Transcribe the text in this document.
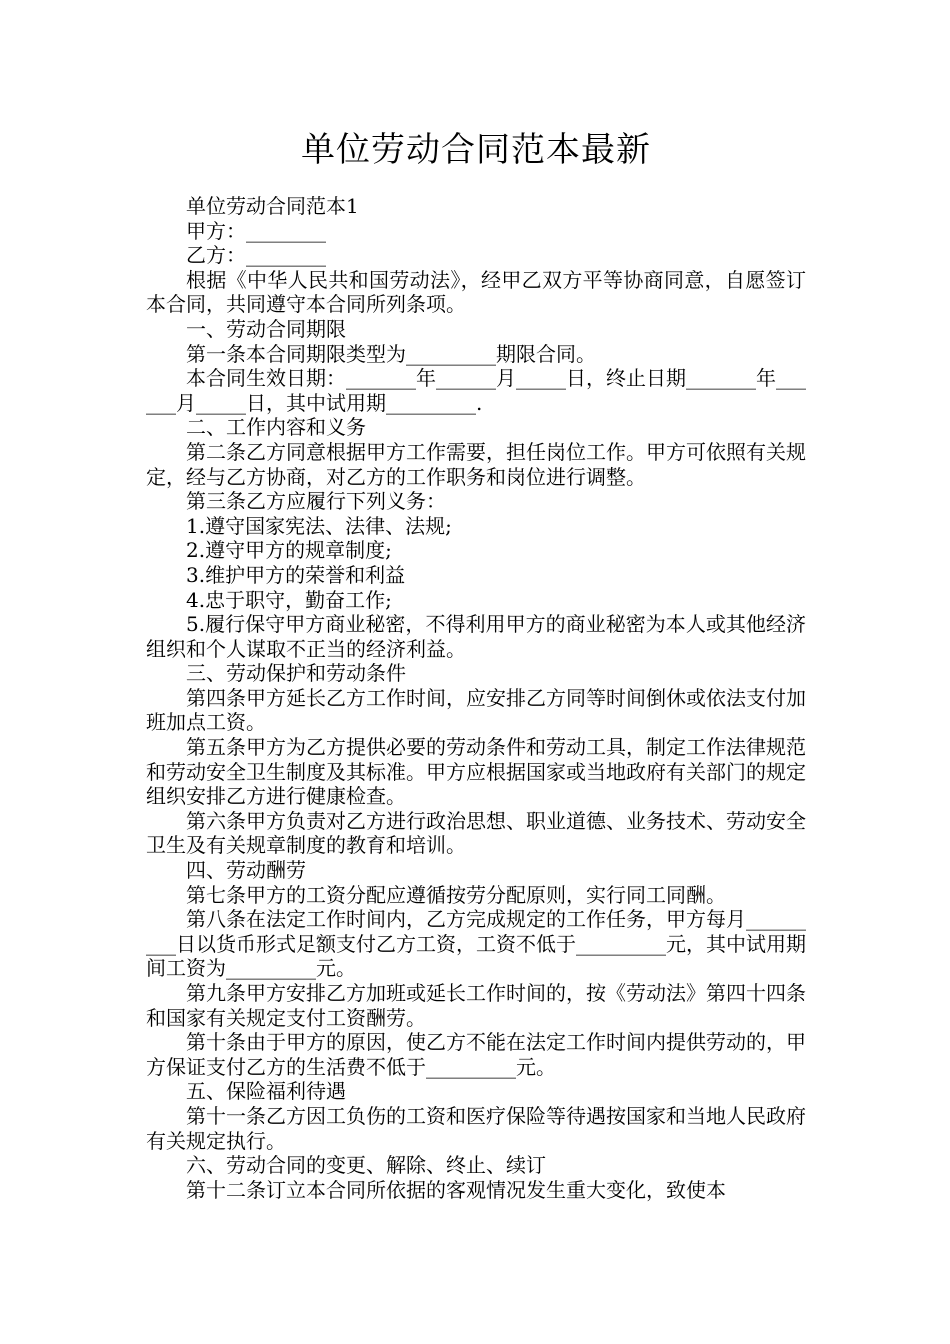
单位劳动合同范本最新

单位劳动合同范本1

甲方：________

乙方：________

根据《中华人民共和国劳动法》，经甲乙双方平等协商同意，自愿签订本合同，共同遵守本合同所列条项。

一、劳动合同期限

第一条本合同期限类型为_________期限合同。

本合同生效日期：_______年______月_____日，终止日期_______年______月_____日，其中试用期_________.

二、工作内容和义务

第二条乙方同意根据甲方工作需要，担任岗位工作。甲方可依照有关规定，经与乙方协商，对乙方的工作职务和岗位进行调整。

第三条乙方应履行下列义务：

1.遵守国家宪法、法律、法规;

2.遵守甲方的规章制度;

3.维护甲方的荣誉和利益

4.忠于职守，勤奋工作;

5.履行保守甲方商业秘密，不得利用甲方的商业秘密为本人或其他经济组织和个人谋取不正当的经济利益。

三、劳动保护和劳动条件

第四条甲方延长乙方工作时间，应安排乙方同等时间倒休或依法支付加班加点工资。

第五条甲方为乙方提供必要的劳动条件和劳动工具，制定工作法律规范和劳动安全卫生制度及其标准。甲方应根据国家或当地政府有关部门的规定组织安排乙方进行健康检查。

第六条甲方负责对乙方进行政治思想、职业道德、业务技术、劳动安全卫生及有关规章制度的教育和培训。

四、劳动酬劳

第七条甲方的工资分配应遵循按劳分配原则，实行同工同酬。

第八条在法定工作时间内，乙方完成规定的工作任务，甲方每月_________日以货币形式足额支付乙方工资，工资不低于_________元，其中试用期间工资为_________元。

第九条甲方安排乙方加班或延长工作时间的，按《劳动法》第四十四条和国家有关规定支付工资酬劳。

第十条由于甲方的原因，使乙方不能在法定工作时间内提供劳动的，甲方保证支付乙方的生活费不低于_________元。

五、保险福利待遇

第十一条乙方因工负伤的工资和医疗保险等待遇按国家和当地人民政府有关规定执行。

六、劳动合同的变更、解除、终止、续订

第十二条订立本合同所依据的客观情况发生重大变化，致使本
